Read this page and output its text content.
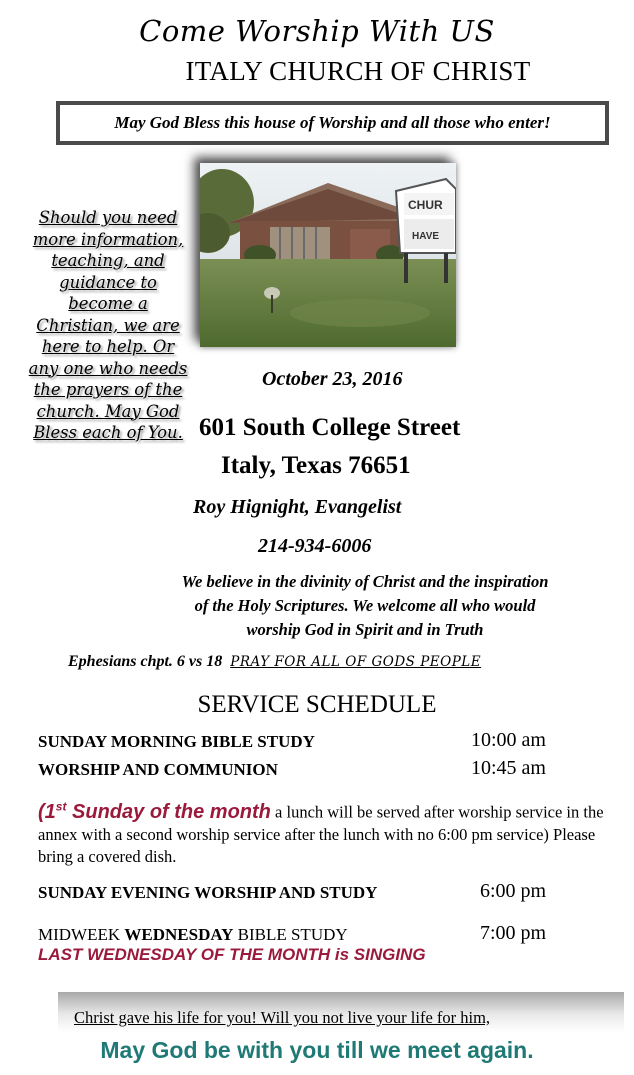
Come Worship With US
ITALY CHURCH OF CHRIST
May God Bless this house of Worship and all those who enter!
CHUR
HAVE
Should you need more information, teaching, and guidance to become a Christian, we are here to help. Or any one who needs the prayers of the church. May God Bless each of You.
October 23, 2016
601 South College Street
Italy, Texas 76651
Roy Hignight, Evangelist
214-934-6006
We believe in the divinity of Christ and the inspiration
of the Holy Scriptures. We welcome all who would
worship God in Spirit and in Truth
Ephesians chpt. 6 vs 18 PRAY FOR ALL OF GODS PEOPLE
SERVICE SCHEDULE
SUNDAY MORNING BIBLE STUDY	10:00 am
WORSHIP AND COMMUNION	10:45 am
(1st Sunday of the month a lunch will be served after worship service in the annex with a second worship service after the lunch with no 6:00 pm service) Please bring a covered dish.
SUNDAY EVENING WORSHIP AND STUDY	6:00 pm
MIDWEEK WEDNESDAY BIBLE STUDY	7:00 pm
LAST WEDNESDAY OF THE MONTH is SINGING
Christ gave his life for you! Will you not live your life for him,
May God be with you till we meet again.
